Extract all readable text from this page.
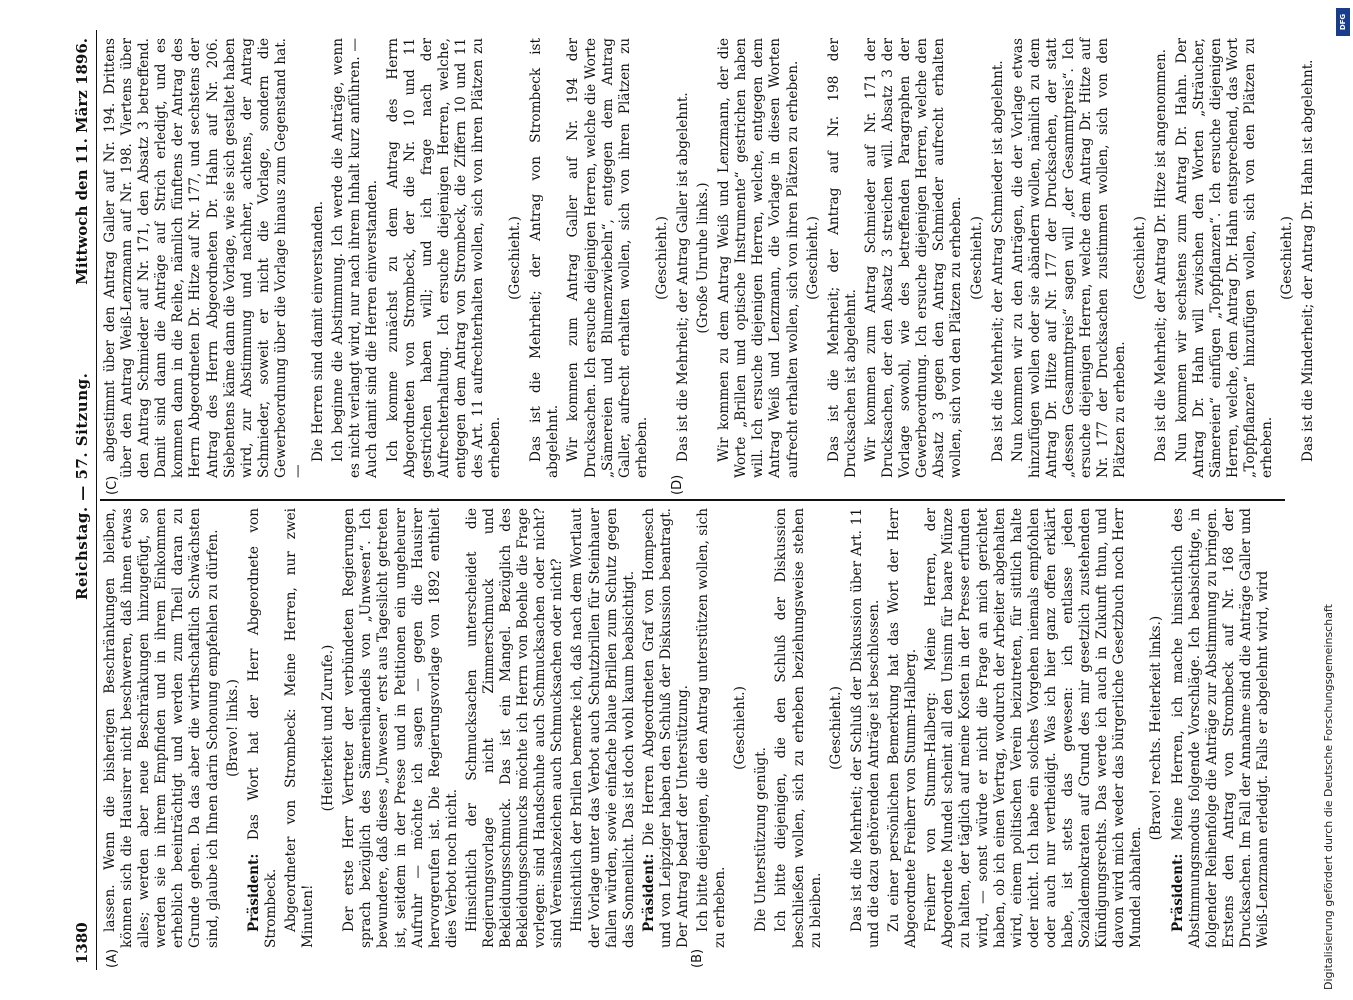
1380
Reichstag. — 57. Sitzung.
Mittwoch den 11. März 1896.
(A)	(B)
(C)	(D)

lassen. Wenn die bisherigen Beschränkungen bleiben, können sich die Hausirer nicht beschweren, daß ihnen etwas alles; werden aber neue Beschränkungen hinzugefügt, so werden sie in ihrem Empfinden und in ihrem Einkommen erheblich beeinträchtigt und werden zum Theil daran zu Grunde gehen. Da das aber die wirthschaftlich Schwächsten sind, glaube ich Ihnen darin Schonung empfehlen zu dürfen. (Bravo! links.)

Präsident: Das Wort hat der Herr Abgeordnete von Strombeck. Abgeordneter von Strombeck: Meine Herren, nur zwei Minuten!

(Heiterkeit und Zurufe.) Der erste Herr Vertreter der verbündeten Regierungen sprach bezüglich des Sämereihandels von „Unwesen“. Ich bewundere, daß dieses „Unwesen“ erst aus Tageslicht getreten ist, seitdem in der Presse und in Petitionen ein ungeheurer Aufruhr — möchte ich sagen — gegen die Hausirer hervorgerufen ist. Die Regierungsvorlage von 1892 enthielt dies Verbot noch nicht. Hinsichtlich der Schmucksachen unterscheidet die Regierungsvorlage nicht Zimmerschmuck und Bekleidungsschmuck. Das ist ein Mangel. Bezüglich des Bekleidungsschmucks möchte ich Herrn von Boehle die Frage vorlegen: sind Handschuhe auch Schmucksachen oder nicht? sind Vereinsabzeichen auch Schmucksachen oder nicht? Hinsichtlich der Brillen bemerke ich, daß nach dem Wortlaut der Vorlage unter das Verbot auch Schutzbrillen für Steinhauer fallen würden, sowie einfache blaue Brillen zum Schutz gegen das Sonnenlicht. Das ist doch wohl kaum beabsichtigt. Präsident: Die Herren Abgeordneten Graf von Hompesch und von Leipziger haben den Schluß der Diskussion beantragt. Der Antrag bedarf der Unterstützung. Ich bitte diejenigen, die den Antrag unterstützen wollen, sich zu erheben.

(Geschieht.)

Die Unterstützung genügt. Ich bitte diejenigen, die den Schluß der Diskussion beschließen wollen, sich zu erheben beziehungsweise stehen zu bleiben.

(Geschieht.) Das ist die Mehrheit; der Schluß der Diskussion über Art. 11 und die dazu gehörenden Anträge ist beschlossen. Zu einer persönlichen Bemerkung hat das Wort der Herr Abgeordnete Freiherr von Stumm-Halberg. Freiherr von Stumm-Halberg: Meine Herren, der Abgeordnete Mundel scheint all den Unsinn für baare Münze zu halten, der täglich auf meine Kosten in der Presse erfunden wird, — sonst würde er nicht die Frage an mich gerichtet haben, ob ich einen Vertrag, wodurch der Arbeiter abgehalten wird, einem politischen Verein beizutreten, für sittlich halte oder nicht. Ich habe ein solches Vorgehen niemals empfohlen oder auch nur vertheidigt. Was ich hier ganz offen erklärt habe, ist stets das gewesen: ich entlasse jeden Sozialdemokraten auf Grund des mir gesetzlich zustehenden Kündigungsrechts. Das werde ich auch in Zukunft thun, und davon wird mich weder das bürgerliche Gesetzbuch noch Herr Mundel abhalten.

(Bravo! rechts. Heiterkeit links.)

Präsident: Meine Herren, ich mache hinsichtlich des Abstimmungsmodus folgende Vorschläge. Ich beabsichtige, in folgender Reihenfolge die Anträge zur Abstimmung zu bringen. Erstens den Antrag von Strombeck auf Nr. 168 der Drucksachen. Im Fall der Annahme sind die Anträge Galler und Weiß-Lenzmann erledigt. Falls er abgelehnt wird, wird

abgestimmt über den Antrag Galler auf Nr. 194. Drittens über den Antrag Weiß-Lenzmann auf Nr. 198. Viertens über den Antrag Schmieder auf Nr. 171, den Absatz 3 betreffend. Damit sind dann die Anträge auf Strich erledigt, und es kommen dann in die Reihe, nämlich fünftens der Antrag des Herrn Abgeordneten Dr. Hitze auf Nr. 177, und sechstens der Antrag des Herrn Abgeordneten Dr. Hahn auf Nr. 206. Siebentens käme dann die Vorlage, wie sie sich gestaltet haben wird, zur Abstimmung und nachher, achtens, der Antrag Schmieder, soweit er nicht die Vorlage, sondern die Gewerbeordnung über die Vorlage hinaus zum Gegenstand hat. —

Die Herren sind damit einverstanden. Ich beginne die Abstimmung. Ich werde die Anträge, wenn es nicht verlangt wird, nur nach ihrem Inhalt kurz anführen. — Auch damit sind die Herren einverstanden. Ich komme zunächst zu dem Antrag des Herrn Abgeordneten von Strombeck, der die Nr. 10 und 11 gestrichen haben will; und ich frage nach der Aufrechterhaltung. Ich ersuche diejenigen Herren, welche, entgegen dem Antrag von Strombeck, die Ziffern 10 und 11 des Art. 11 aufrechterhalten wollen, sich von ihren Plätzen zu erheben.

(Geschieht.) Das ist die Mehrheit; der Antrag von Strombeck ist abgelehnt. Wir kommen zum Antrag Galler auf Nr. 194 der Drucksachen. Ich ersuche diejenigen Herren, welche die Worte „Sämereien und Blumenzwiebeln“, entgegen dem Antrag Galler, aufrecht erhalten wollen, sich von ihren Plätzen zu erheben.

(Geschieht.) Das ist die Mehrheit; der Antrag Galler ist abgelehnt. (Große Unruhe links.) Wir kommen zu dem Antrag Weiß und Lenzmann, der die Worte „Brillen und optische Instrumente“ gestrichen haben will. Ich ersuche diejenigen Herren, welche, entgegen dem Antrag Weiß und Lenzmann, die Vorlage in diesen Worten aufrecht erhalten wollen, sich von ihren Plätzen zu erheben. (Geschieht.) Das ist die Mehrheit; der Antrag auf Nr. 198 der Drucksachen ist abgelehnt. Wir kommen zum Antrag Schmieder auf Nr. 171 der Drucksachen, der den Absatz 3 streichen will. Absatz 3 der Vorlage sowohl, wie des betreffenden Paragraphen der Gewerbeordnung. Ich ersuche diejenigen Herren, welche den Absatz 3 gegen den Antrag Schmieder aufrecht erhalten wollen, sich von den Plätzen zu erheben. (Geschieht.) Das ist die Mehrheit; der Antrag Schmieder ist abgelehnt. Nun kommen wir zu den Anträgen, die der Vorlage etwas hinzufügen wollen oder sie abändern wollen, nämlich zu dem Antrag Dr. Hitze auf Nr. 177 der Drucksachen, der statt „dessen Gesammtpreis“ sagen will „der Gesammtpreis“. Ich ersuche diejenigen Herren, welche dem Antrag Dr. Hitze auf Nr. 177 der Drucksachen zustimmen wollen, sich von den Plätzen zu erheben.

(Geschieht.) Das ist die Mehrheit; der Antrag Dr. Hitze ist angenommen. Nun kommen wir sechstens zum Antrag Dr. Hahn. Der Antrag Dr. Hahn will zwischen den Worten „Sträucher, Sämereien“ einfügen „Topfpflanzen“. Ich ersuche diejenigen Herren, welche, dem Antrag Dr. Hahn entsprechend, das Wort „Topfpflanzen“ hinzufügen wollen, sich von den Plätzen zu erheben.

(Geschieht.) Das ist die Minderheit; der Antrag Dr. Hahn ist abgelehnt.

Digitalisierung gefördert durch die Deutsche Forschungsgemeinschaft
DFG
